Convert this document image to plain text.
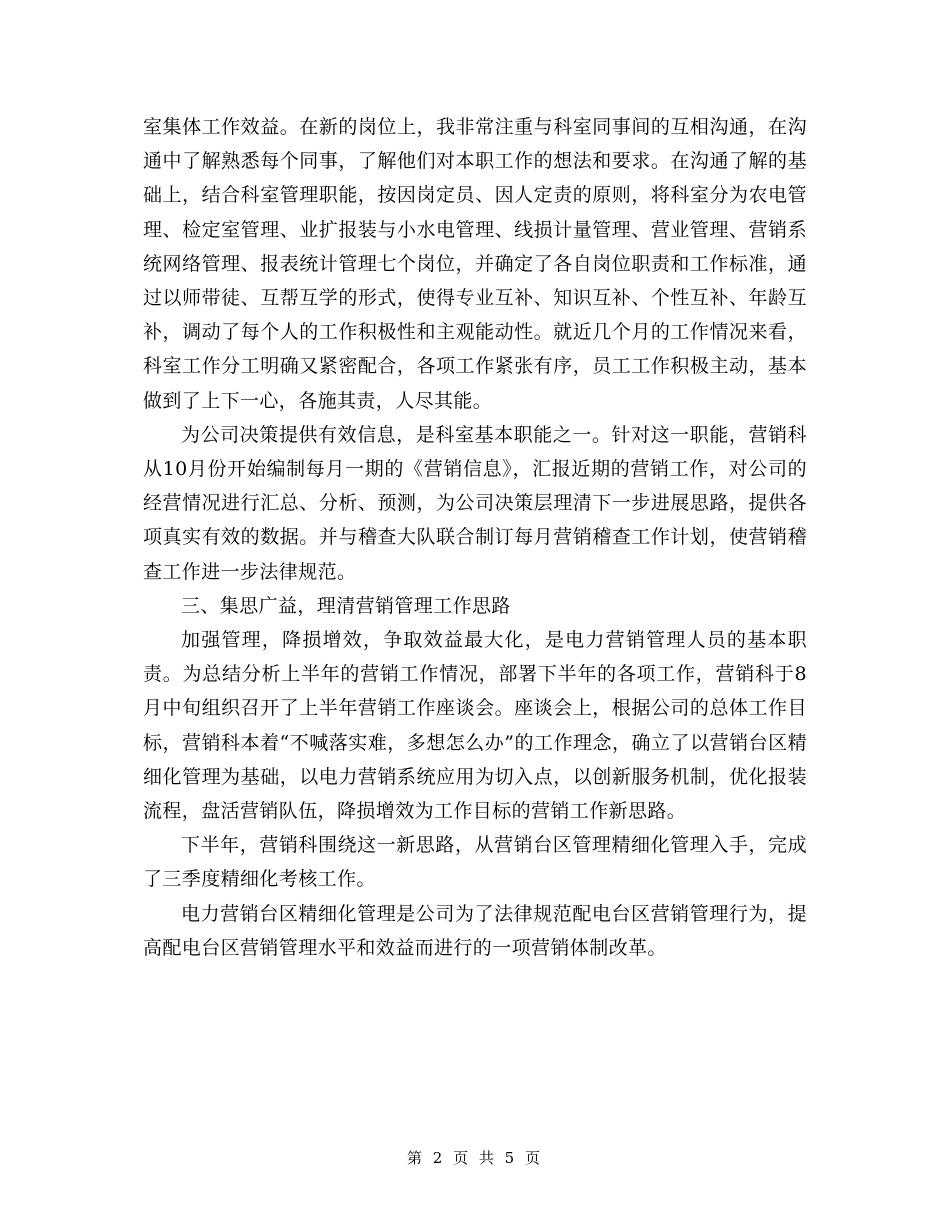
室集体工作效益。在新的岗位上，我非常注重与科室同事间的互相沟通，在沟通中了解熟悉每个同事，了解他们对本职工作的想法和要求。在沟通了解的基础上，结合科室管理职能，按因岗定员、因人定责的原则，将科室分为农电管理、检定室管理、业扩报装与小水电管理、线损计量管理、营业管理、营销系统网络管理、报表统计管理七个岗位，并确定了各自岗位职责和工作标准，通过以师带徒、互帮互学的形式，使得专业互补、知识互补、个性互补、年龄互补，调动了每个人的工作积极性和主观能动性。就近几个月的工作情况来看，科室工作分工明确又紧密配合，各项工作紧张有序，员工工作积极主动，基本做到了上下一心，各施其责，人尽其能。

为公司决策提供有效信息，是科室基本职能之一。针对这一职能，营销科从10月份开始编制每月一期的《营销信息》，汇报近期的营销工作，对公司的经营情况进行汇总、分析、预测，为公司决策层理清下一步进展思路，提供各项真实有效的数据。并与稽查大队联合制订每月营销稽查工作计划，使营销稽查工作进一步法律规范。

三、集思广益，理清营销管理工作思路

加强管理，降损增效，争取效益最大化，是电力营销管理人员的基本职责。为总结分析上半年的营销工作情况，部署下半年的各项工作，营销科于8月中旬组织召开了上半年营销工作座谈会。座谈会上，根据公司的总体工作目标，营销科本着“不喊落实难，多想怎么办”的工作理念，确立了以营销台区精细化管理为基础，以电力营销系统应用为切入点，以创新服务机制，优化报装流程，盘活营销队伍，降损增效为工作目标的营销工作新思路。

下半年，营销科围绕这一新思路，从营销台区管理精细化管理入手，完成了三季度精细化考核工作。

电力营销台区精细化管理是公司为了法律规范配电台区营销管理行为，提高配电台区营销管理水平和效益而进行的一项营销体制改革。

第 2 页 共 5 页
